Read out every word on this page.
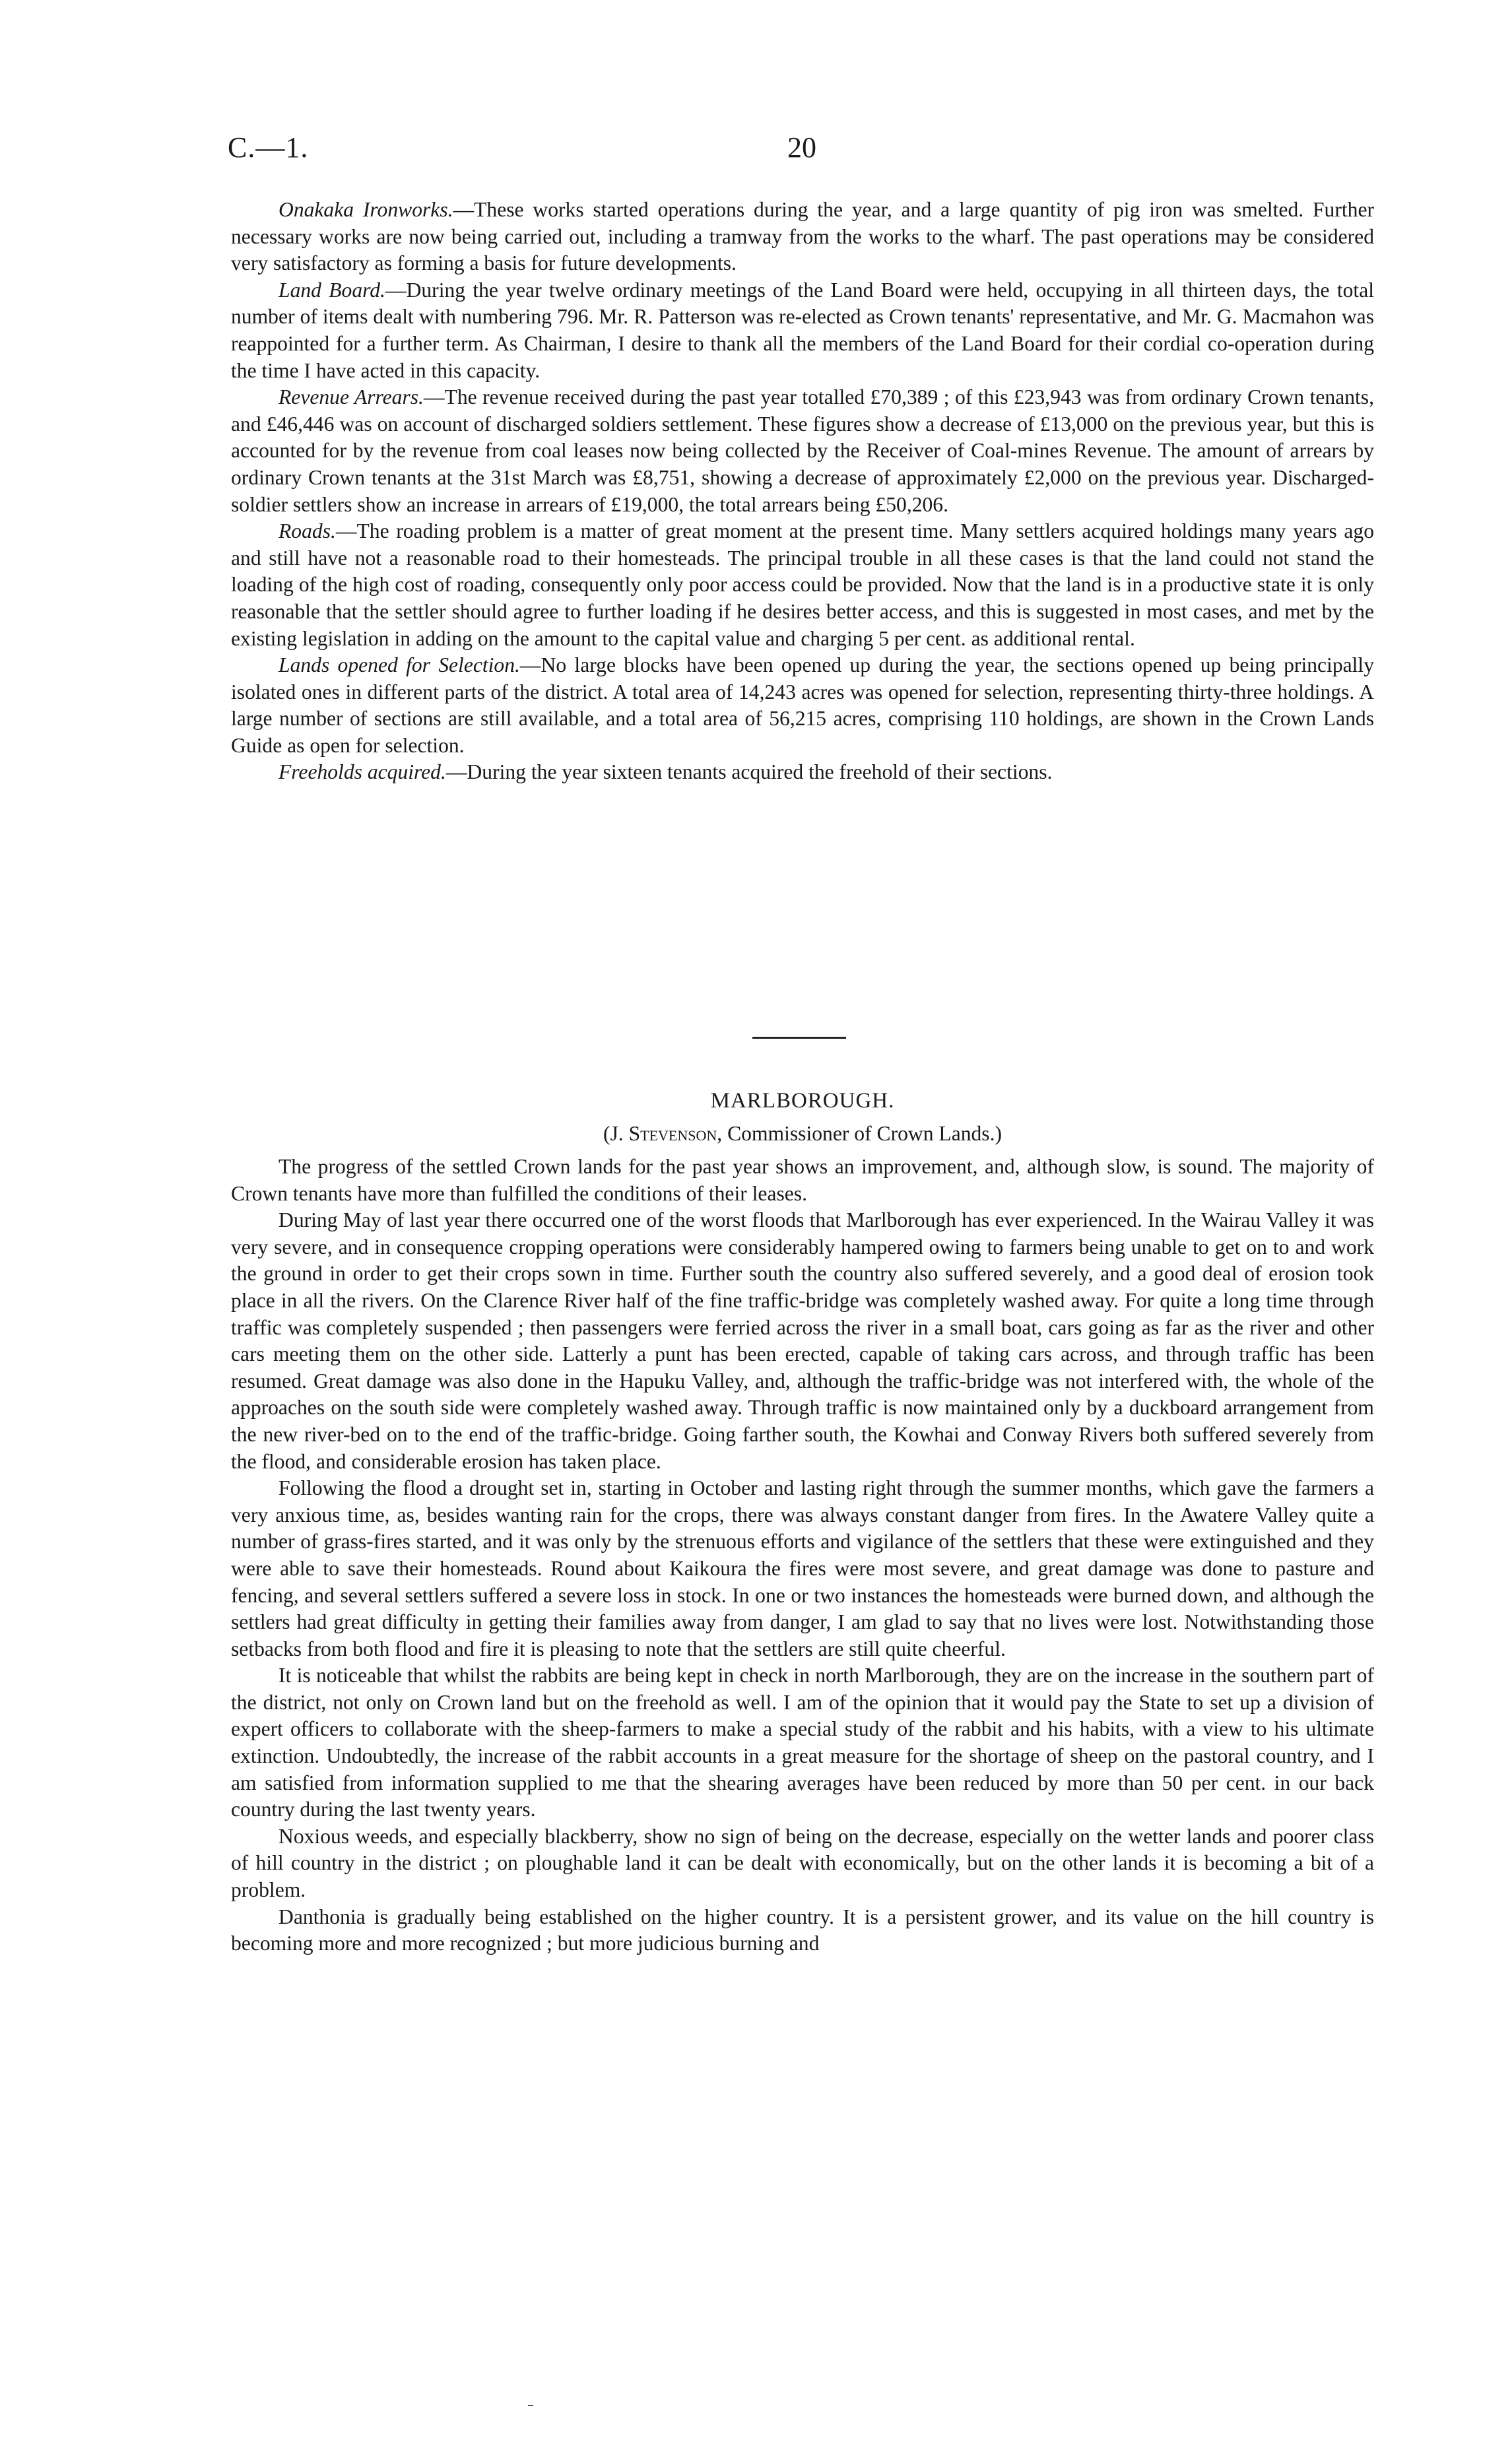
C.—1.	20

Onakaka Ironworks.—These works started operations during the year, and a large quantity of pig iron was smelted. Further necessary works are now being carried out, including a tramway from the works to the wharf. The past operations may be considered very satisfactory as forming a basis for future developments.

Land Board.—During the year twelve ordinary meetings of the Land Board were held, occupying in all thirteen days, the total number of items dealt with numbering 796. Mr. R. Patterson was re-elected as Crown tenants' representative, and Mr. G. Macmahon was reappointed for a further term. As Chairman, I desire to thank all the members of the Land Board for their cordial co-operation during the time I have acted in this capacity.

Revenue Arrears.—The revenue received during the past year totalled £70,389 ; of this £23,943 was from ordinary Crown tenants, and £46,446 was on account of discharged soldiers settlement. These figures show a decrease of £13,000 on the previous year, but this is accounted for by the revenue from coal leases now being collected by the Receiver of Coal-mines Revenue. The amount of arrears by ordinary Crown tenants at the 31st March was £8,751, showing a decrease of approximately £2,000 on the previous year. Discharged-soldier settlers show an increase in arrears of £19,000, the total arrears being £50,206.

Roads.—The roading problem is a matter of great moment at the present time. Many settlers acquired holdings many years ago and still have not a reasonable road to their homesteads. The principal trouble in all these cases is that the land could not stand the loading of the high cost of roading, consequently only poor access could be provided. Now that the land is in a productive state it is only reasonable that the settler should agree to further loading if he desires better access, and this is suggested in most cases, and met by the existing legislation in adding on the amount to the capital value and charging 5 per cent. as additional rental.

Lands opened for Selection.—No large blocks have been opened up during the year, the sections opened up being principally isolated ones in different parts of the district. A total area of 14,243 acres was opened for selection, representing thirty-three holdings. A large number of sections are still available, and a total area of 56,215 acres, comprising 110 holdings, are shown in the Crown Lands Guide as open for selection.

Freeholds acquired.—During the year sixteen tenants acquired the freehold of their sections.

MARLBOROUGH.
(J. Stevenson, Commissioner of Crown Lands.)

The progress of the settled Crown lands for the past year shows an improvement, and, although slow, is sound. The majority of Crown tenants have more than fulfilled the conditions of their leases.

During May of last year there occurred one of the worst floods that Marlborough has ever experienced. In the Wairau Valley it was very severe, and in consequence cropping operations were considerably hampered owing to farmers being unable to get on to and work the ground in order to get their crops sown in time. Further south the country also suffered severely, and a good deal of erosion took place in all the rivers. On the Clarence River half of the fine traffic-bridge was completely washed away. For quite a long time through traffic was completely suspended ; then passengers were ferried across the river in a small boat, cars going as far as the river and other cars meeting them on the other side. Latterly a punt has been erected, capable of taking cars across, and through traffic has been resumed. Great damage was also done in the Hapuku Valley, and, although the traffic-bridge was not interfered with, the whole of the approaches on the south side were completely washed away. Through traffic is now maintained only by a duckboard arrangement from the new river-bed on to the end of the traffic-bridge. Going farther south, the Kowhai and Conway Rivers both suffered severely from the flood, and considerable erosion has taken place.

Following the flood a drought set in, starting in October and lasting right through the summer months, which gave the farmers a very anxious time, as, besides wanting rain for the crops, there was always constant danger from fires. In the Awatere Valley quite a number of grass-fires started, and it was only by the strenuous efforts and vigilance of the settlers that these were extinguished and they were able to save their homesteads. Round about Kaikoura the fires were most severe, and great damage was done to pasture and fencing, and several settlers suffered a severe loss in stock. In one or two instances the homesteads were burned down, and although the settlers had great difficulty in getting their families away from danger, I am glad to say that no lives were lost. Notwithstanding those setbacks from both flood and fire it is pleasing to note that the settlers are still quite cheerful.

It is noticeable that whilst the rabbits are being kept in check in north Marlborough, they are on the increase in the southern part of the district, not only on Crown land but on the freehold as well. I am of the opinion that it would pay the State to set up a division of expert officers to collaborate with the sheep-farmers to make a special study of the rabbit and his habits, with a view to his ultimate extinction. Undoubtedly, the increase of the rabbit accounts in a great measure for the shortage of sheep on the pastoral country, and I am satisfied from information supplied to me that the shearing averages have been reduced by more than 50 per cent. in our back country during the last twenty years.

Noxious weeds, and especially blackberry, show no sign of being on the decrease, especially on the wetter lands and poorer class of hill country in the district ; on ploughable land it can be dealt with economically, but on the other lands it is becoming a bit of a problem.

Danthonia is gradually being established on the higher country. It is a persistent grower, and its value on the hill country is becoming more and more recognized ; but more judicious burning and
